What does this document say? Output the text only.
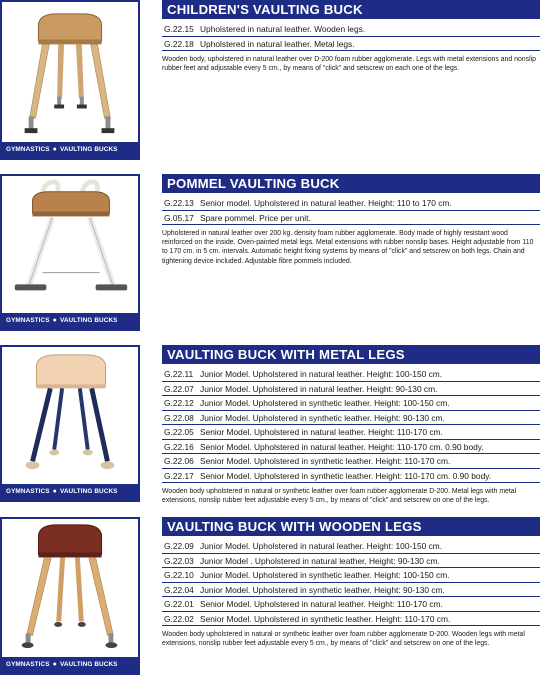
GYMNASTICS ● VAULTING BUCKS
CHILDREN'S VAULTING BUCK
G.22.15 Upholstered in natural leather. Wooden legs.
G.22.18 Upholstered in natural leather. Metal legs.

Wooden body, upholstered in natural leather over D-200 foam rubber agglomerate. Legs with metal extensions and nonslip rubber feet and adjustable every 5 cm., by means of "click" and setscrew on each one of the legs.

GYMNASTICS ● VAULTING BUCKS
POMMEL VAULTING BUCK
G.22.13 Senior model. Upholstered in natural leather. Height: 110 to 170 cm.
G.05.17 Spare pommel. Price per unit.

Upholstered in natural leather over 200 kg. density foam rubber agglomerate. Body made of highly resistant wood reinforced on the inside. Oven-painted metal legs. Metal extensions with rubber nonslip bases. Height adjustable from 110 to 170 cm. in 5 cm. intervals. Automatic height fixing systems by means of "click" and setscrew on both legs. Chain and tightening device included. Adjustable fibre pommels included.

GYMNASTICS ● VAULTING BUCKS
VAULTING BUCK WITH METAL LEGS
G.22.11 Junior Model. Upholstered in natural leather. Height: 100-150 cm.
G.22.07 Junior Model. Upholstered in natural leather. Height: 90-130 cm.
G.22.12 Junior Model. Upholstered in synthetic leather. Height: 100-150 cm.
G.22.08 Junior Model. Upholstered in synthetic leather. Height: 90-130 cm.
G.22.05 Senior Model. Upholstered in natural leather. Height: 110-170 cm.
G.22.16 Senior Model. Upholstered in natural leather. Height: 110-170 cm. 0.90 body.
G.22.06 Senior Model. Upholstered in synthetic leather. Height: 110-170 cm.
G.22.17 Senior Model. Upholstered in synthetic leather. Height: 110-170 cm. 0.90 body.

Wooden body upholstered in natural or synthetic leather over foam rubber agglomerate D-200. Metal legs with metal extensions, nonslip rubber feet adjustable every 5 cm., by means of "click" and setscrew on one of the legs.

GYMNASTICS ● VAULTING BUCKS
VAULTING BUCK WITH WOODEN LEGS
G.22.09 Junior Model. Upholstered in natural leather. Height: 100-150 cm.
G.22.03 Junior Model . Upholstered in natural leather. Height: 90-130 cm.
G.22.10 Junior Model. Upholstered in synthetic leather. Height: 100-150 cm.
G.22.04 Junior Model. Upholstered in synthetic leather. Height: 90-130 cm.
G.22.01 Senior Model. Upholstered in natural leather. Height: 110-170 cm.
G.22.02 Senior Model. Upholstered in synthetic leather. Height: 110-170 cm.

Wooden body upholstered in natural or synthetic leather over foam rubber agglomerate D-200. Wooden legs with metal extensions, nonslip rubber feet adjustable every 5 cm., by means of "click" and setscrew on one of the legs.
